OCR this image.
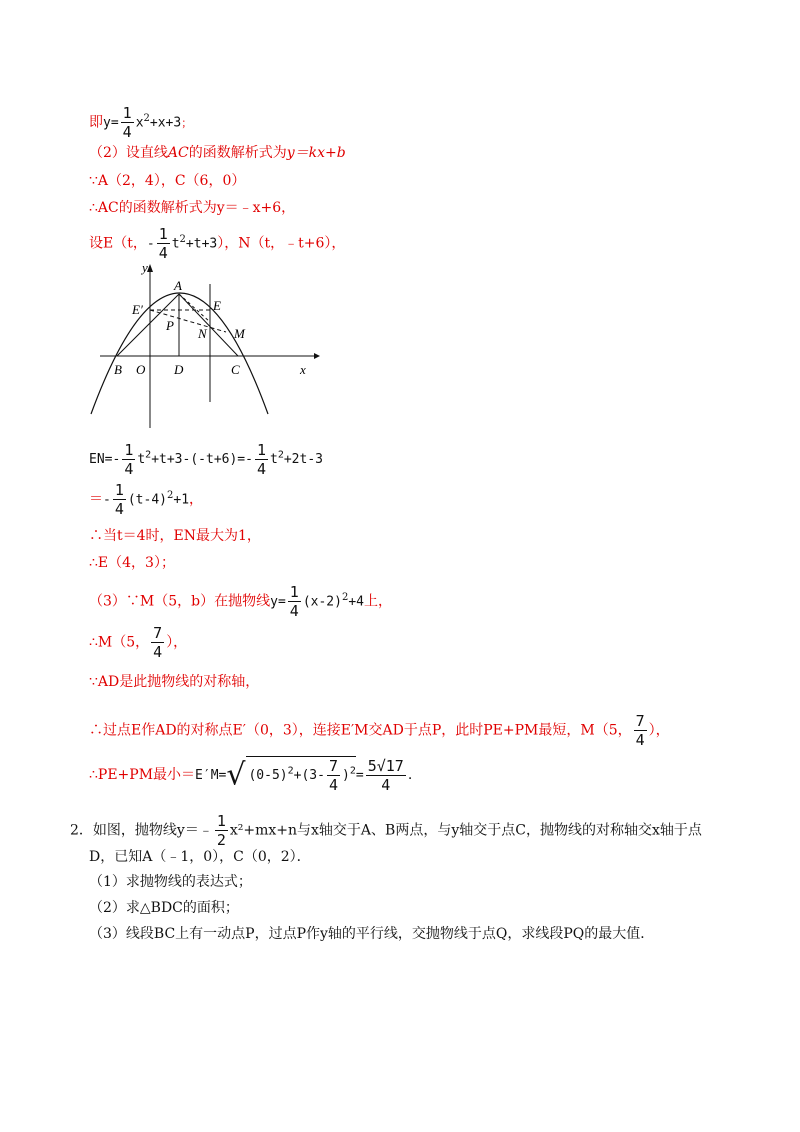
即$y= \frac{1}{4} x^2+x+3$；
（2）设直线AC的函数解析式为y＝kx+b
∵A（2，4），C（6，0）
∴AC的函数解析式为y＝﹣x+6，
设E（t，- $\frac{1}{4} t^2+t+3$），N（t，﹣t+6），
y
x
A
E′	E
P
N M
B O D	C
$EN=- \frac{1}{4} t^2+t+3-(-t+6)=- \frac{1}{4} t^2+2t-3$
＝- $\frac{1}{4} (t-4)^2+1$，
∴当t＝4时，EN最大为1，
∴E（4，3）；
（3）∵M（5，b）在抛物线$y= \frac{1}{4} (x-2)^2+4$上，
∴M（5， $\frac{7}{4}$ ），
∵AD是此抛物线的对称轴，
∴过点E作AD的对称点E′（0，3），连接E′M交AD于点P，此时PE+PM最短，M（5， $\frac{7}{4}$ ），
∴PE+PM最小＝E′M=√ $(0-5)^2+(3- \frac{7}{4} )^2= \frac{5√17}{4}$ .
2．如图，抛物线y＝﹣ $\frac{1}{2} x^2+mx+n$与x轴交于A、B两点，与y轴交于点C，抛物线的对称轴交x轴于点
D，已知A（﹣1，0），C（0，2）．
（1）求抛物线的表达式；
（2）求△BDC的面积；
（3）线段BC上有一动点P，过点P作y轴的平行线，交抛物线于点Q，求线段PQ的最大值．
